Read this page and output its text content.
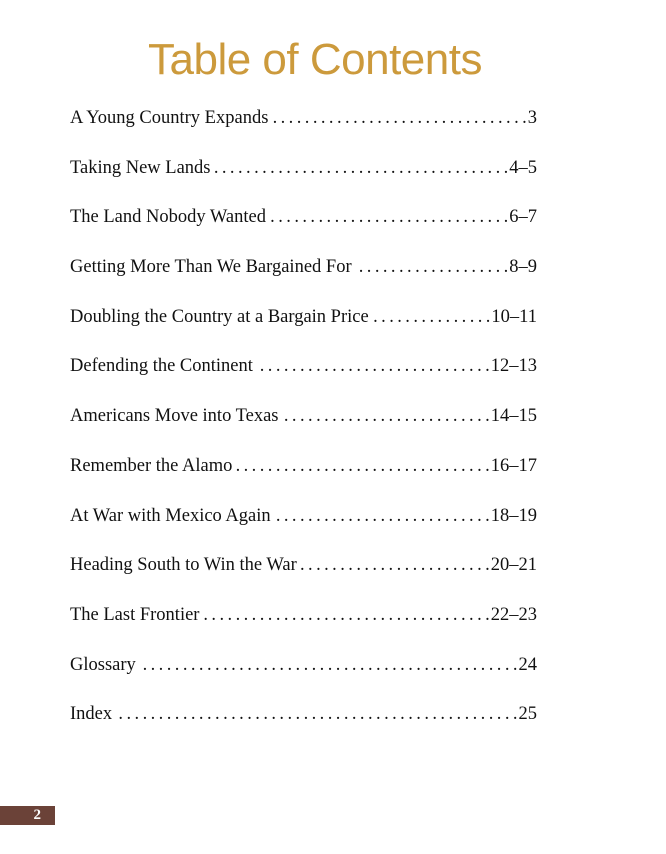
Table of Contents
A Young Country Expands . . .	3
Taking New Lands . . .	4–5
The Land Nobody Wanted . . .	6–7
Getting More Than We Bargained For . . .	8–9
Doubling the Country at a Bargain Price . . .	10–11
Defending the Continent . . .	12–13
Americans Move into Texas . . .	14–15
Remember the Alamo . . .	16–17
At War with Mexico Again . . .	18–19
Heading South to Win the War . . .	20–21
The Last Frontier . . .	22–23
Glossary . . .	24
Index . . .	25
2
